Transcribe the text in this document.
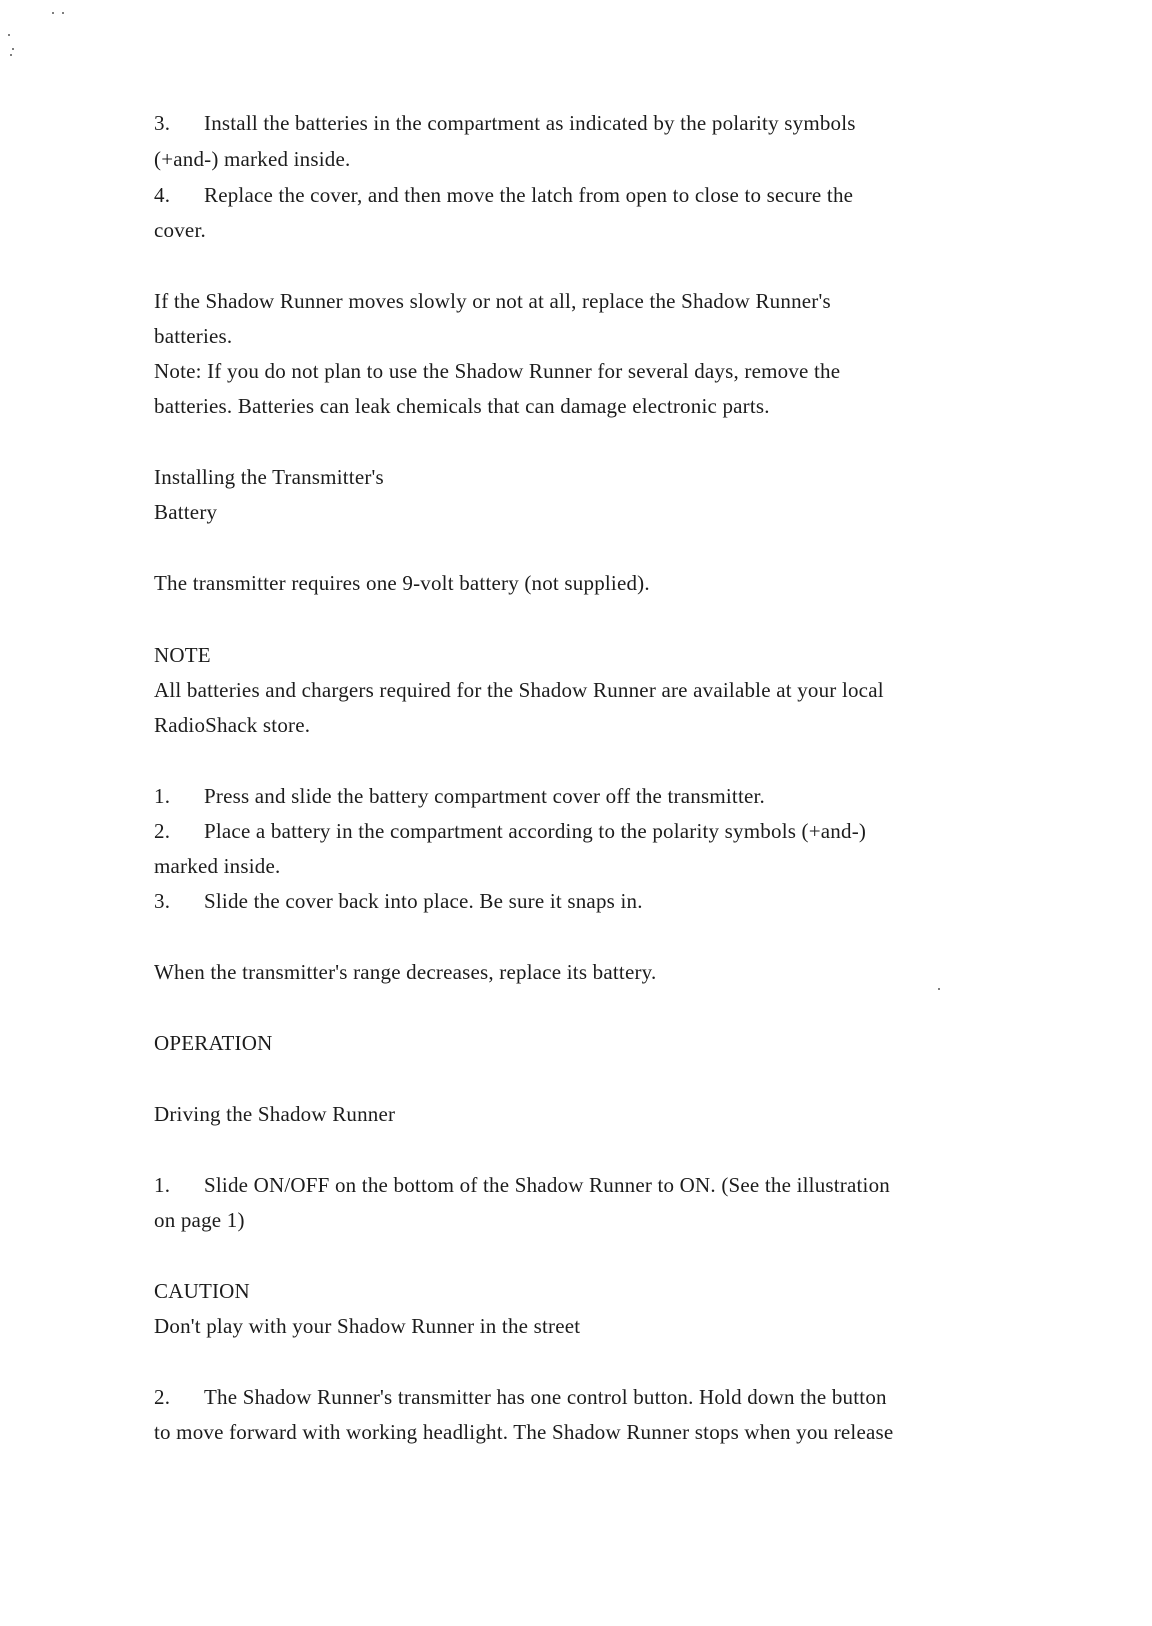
3. Install the batteries in the compartment as indicated by the polarity symbols
(+and-) marked inside.
4. Replace the cover, and then move the latch from open to close to secure the
cover.
If the Shadow Runner moves slowly or not at all, replace the Shadow Runner's
batteries.
Note: If you do not plan to use the Shadow Runner for several days, remove the
batteries. Batteries can leak chemicals that can damage electronic parts.
Installing the Transmitter's
Battery
The transmitter requires one 9-volt battery (not supplied).
NOTE
All batteries and chargers required for the Shadow Runner are available at your local
RadioShack store.
1. Press and slide the battery compartment cover off the transmitter.
2. Place a battery in the compartment according to the polarity symbols (+and-)
marked inside.
3. Slide the cover back into place. Be sure it snaps in.
When the transmitter's range decreases, replace its battery.
OPERATION
Driving the Shadow Runner
1. Slide ON/OFF on the bottom of the Shadow Runner to ON. (See the illustration
on page 1)
CAUTION
Don't play with your Shadow Runner in the street
2. The Shadow Runner's transmitter has one control button. Hold down the button
to move forward with working headlight. The Shadow Runner stops when you release
